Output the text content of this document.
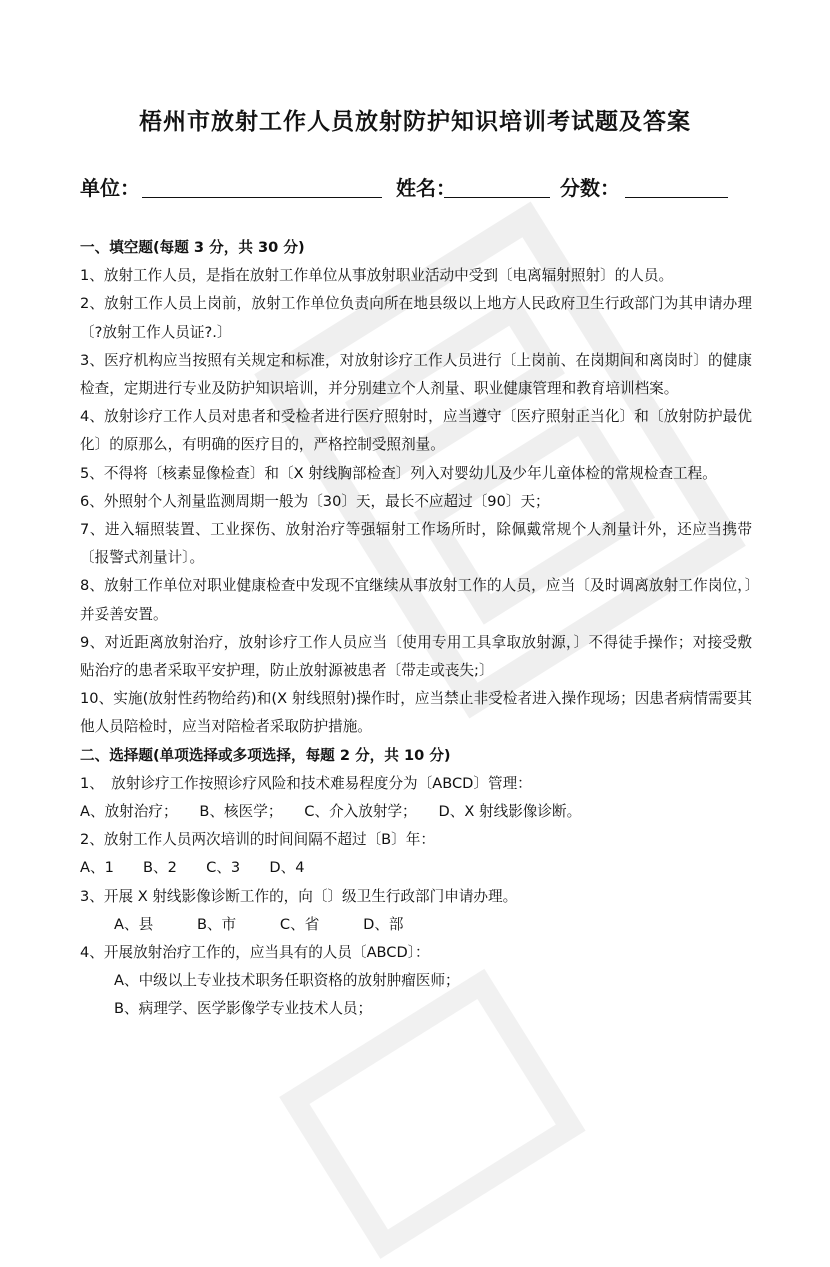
梧州市放射工作人员放射防护知识培训考试题及答案
单位：	姓名：	分数：

一、填空题(每题 3 分，共 30 分)

1、放射工作人员，是指在放射工作单位从事放射职业活动中受到〔电离辐射照射〕的人员。

2、放射工作人员上岗前，放射工作单位负责向所在地县级以上地方人民政府卫生行政部门为其申请办理〔?放射工作人员证?.〕

3、医疗机构应当按照有关规定和标准，对放射诊疗工作人员进行〔上岗前、在岗期间和离岗时〕的健康检查，定期进行专业及防护知识培训，并分别建立个人剂量、职业健康管理和教育培训档案。

4、放射诊疗工作人员对患者和受检者进行医疗照射时，应当遵守〔医疗照射正当化〕和〔放射防护最优化〕的原那么，有明确的医疗目的，严格控制受照剂量。

5、不得将〔核素显像检查〕和〔X 射线胸部检查〕列入对婴幼儿及少年儿童体检的常规检查工程。

6、外照射个人剂量监测周期一般为〔30〕天，最长不应超过〔90〕天；

7、进入辐照装置、工业探伤、放射治疗等强辐射工作场所时，除佩戴常规个人剂量计外，还应当携带〔报警式剂量计〕。

8、放射工作单位对职业健康检查中发现不宜继续从事放射工作的人员，应当〔及时调离放射工作岗位，〕并妥善安置。

9、对近距离放射治疗，放射诊疗工作人员应当〔使用专用工具拿取放射源，〕不得徒手操作；对接受敷贴治疗的患者采取平安护理，防止放射源被患者〔带走或丧失;〕

10、实施(放射性药物给药)和(X 射线照射)操作时，应当禁止非受检者进入操作现场；因患者病情需要其他人员陪检时，应当对陪检者采取防护措施。

二、选择题(单项选择或多项选择，每题 2 分，共 10 分)

1、　放射诊疗工作按照诊疗风险和技术难易程度分为〔ABCD〕管理：

A、放射治疗；　　B、核医学；　　C、介入放射学；　　D、X 射线影像诊断。

2、放射工作人员两次培训的时间间隔不超过〔B〕年：

A、1　　B、2　　C、3　　D、4

3、开展 X 射线影像诊断工作的，向〔〕级卫生行政部门申请办理。

A、县　　　B、市　　　C、省　　　D、部

4、开展放射治疗工作的，应当具有的人员〔ABCD〕：

A、中级以上专业技术职务任职资格的放射肿瘤医师；

B、病理学、医学影像学专业技术人员；
